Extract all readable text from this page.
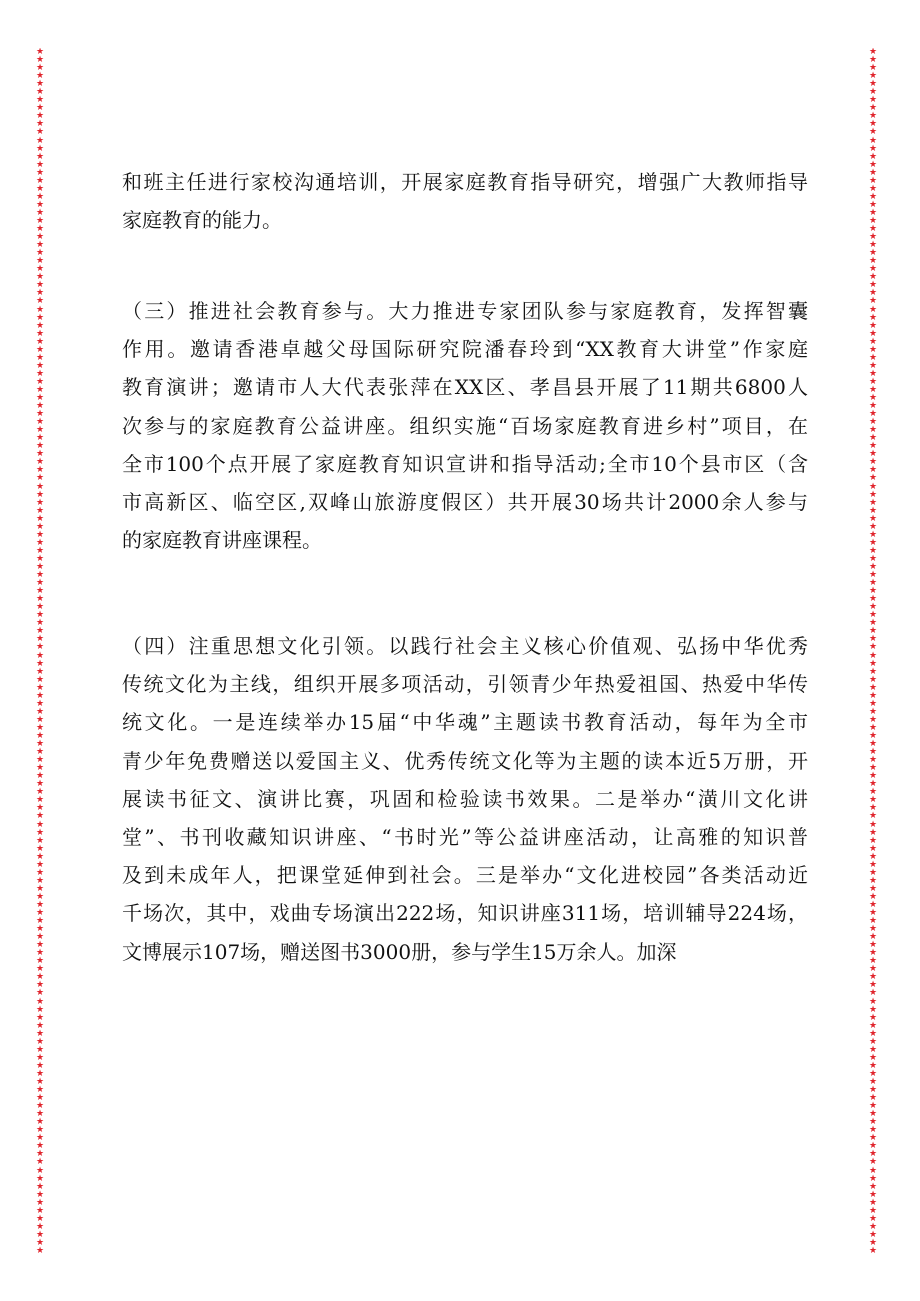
★
★
★
★
★
★
★
★
★
★
★
★
★
★
★
★
★
★
★
★
★
★
★
★
★
★
★
★
★
★
★
★
★
★
★
★
★
★
★
★
★
★
★
★
★
★
★
★
★
★
★
★
★
★
★
★
★
★
★
★
★
★
★
★
★
★
★
★
★
★
★
★
★
★
★
★
★
★
★
★
★
★
★
★
★
★
★
★
★
★
★
★
★
★
★
★
★
★
★
★
★
★
★
★
★
★
★
★
★
★
★
★
★
★
★
★
★
★
★
★
★
★
★
★
★
★
★
★
★
★
★
★
★
★
★
★
★
★
★
★
★
★
★
★
★
★
★
★
★
★
★
★
★
★
★
★
★
★
★
★
★
★
★
★
★
★
★
★
★
★
★
★
★
★
★
★
★
★
★
★
★
★
★
★
★
★
★
★
★
★
★
★
★
★
★
★
★
★
★
★
★
★
★
★
★
★
★
★
★
★
★
★
★
★
★
★
★
★
★
★
★
★
★
★
★
★
★
★
★
★
★
★
★
★
★
★
★
★
★
★
★
★
★
★
★
★
★
★
★
★
★
★
★
★
★
★
★
★
★
★
★
★
★
★
★
★
★
★
★
★
★
★
★
★
★
★
★
★
★
★
★
★
★
★
★
★
★
★
★
★
★
★
★
★
★
★
★
★
★
★
和班主任进行家校沟通培训，开展家庭教育指导研究，增强广大教师指导
家庭教育的能力。
（三）推进社会教育参与。大力推进专家团队参与家庭教育，发挥智囊
作用。邀请香港卓越父母国际研究院潘春玲到“XX教育大讲堂”作家庭
教育演讲；邀请市人大代表张萍在XX区、孝昌县开展了11期共6800人
次参与的家庭教育公益讲座。组织实施“百场家庭教育进乡村”项目，在
全市100个点开展了家庭教育知识宣讲和指导活动;全市10个县市区（含
市高新区、临空区,双峰山旅游度假区）共开展30场共计2000余人参与
的家庭教育讲座课程。
（四）注重思想文化引领。以践行社会主义核心价值观、弘扬中华优秀
传统文化为主线，组织开展多项活动，引领青少年热爱祖国、热爱中华传
统文化。一是连续举办15届“中华魂”主题读书教育活动，每年为全市
青少年免费赠送以爱国主义、优秀传统文化等为主题的读本近5万册，开
展读书征文、演讲比赛，巩固和检验读书效果。二是举办“潢川文化讲
堂”、书刊收藏知识讲座、“书时光”等公益讲座活动，让高雅的知识普
及到未成年人，把课堂延伸到社会。三是举办“文化进校园”各类活动近
千场次，其中，戏曲专场演出222场，知识讲座311场，培训辅导224场，
文博展示107场，赠送图书3000册，参与学生15万余人。加深
